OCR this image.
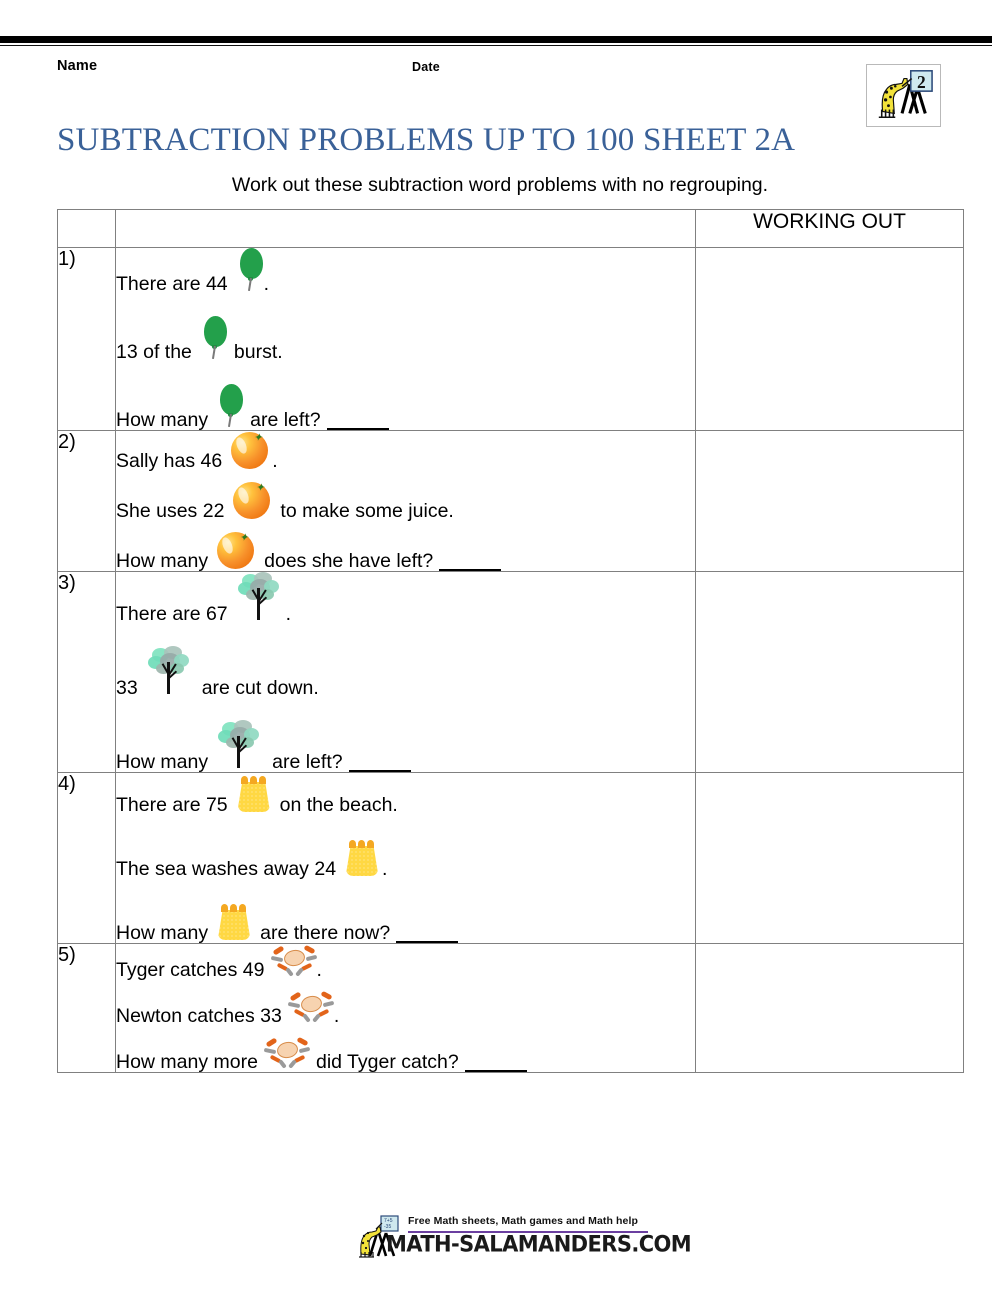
Name	Date
2
SUBTRACTION PROBLEMS UP TO 100 SHEET 2A
Work out these subtraction word problems with no regrouping.
		WORKING OUT
1)	
There are 44 .
13 of the burst.
How many are left?

2)	
Sally has 46
✦
.
She uses 22
✦
to make some juice.
How many
✦
does she have left?

3)	
There are 67	.
33	are cut down.
How many	are left?

4)	
There are 75	on the beach.
The sea washes away 24 .
How many	are there now?

5)	
Tyger catches 49	.
Newton catches 33	.
How many more	did Tyger catch?

7+5
-35 Free Math sheets, Math games and Math help
MATH-SALAMANDERS.COM
